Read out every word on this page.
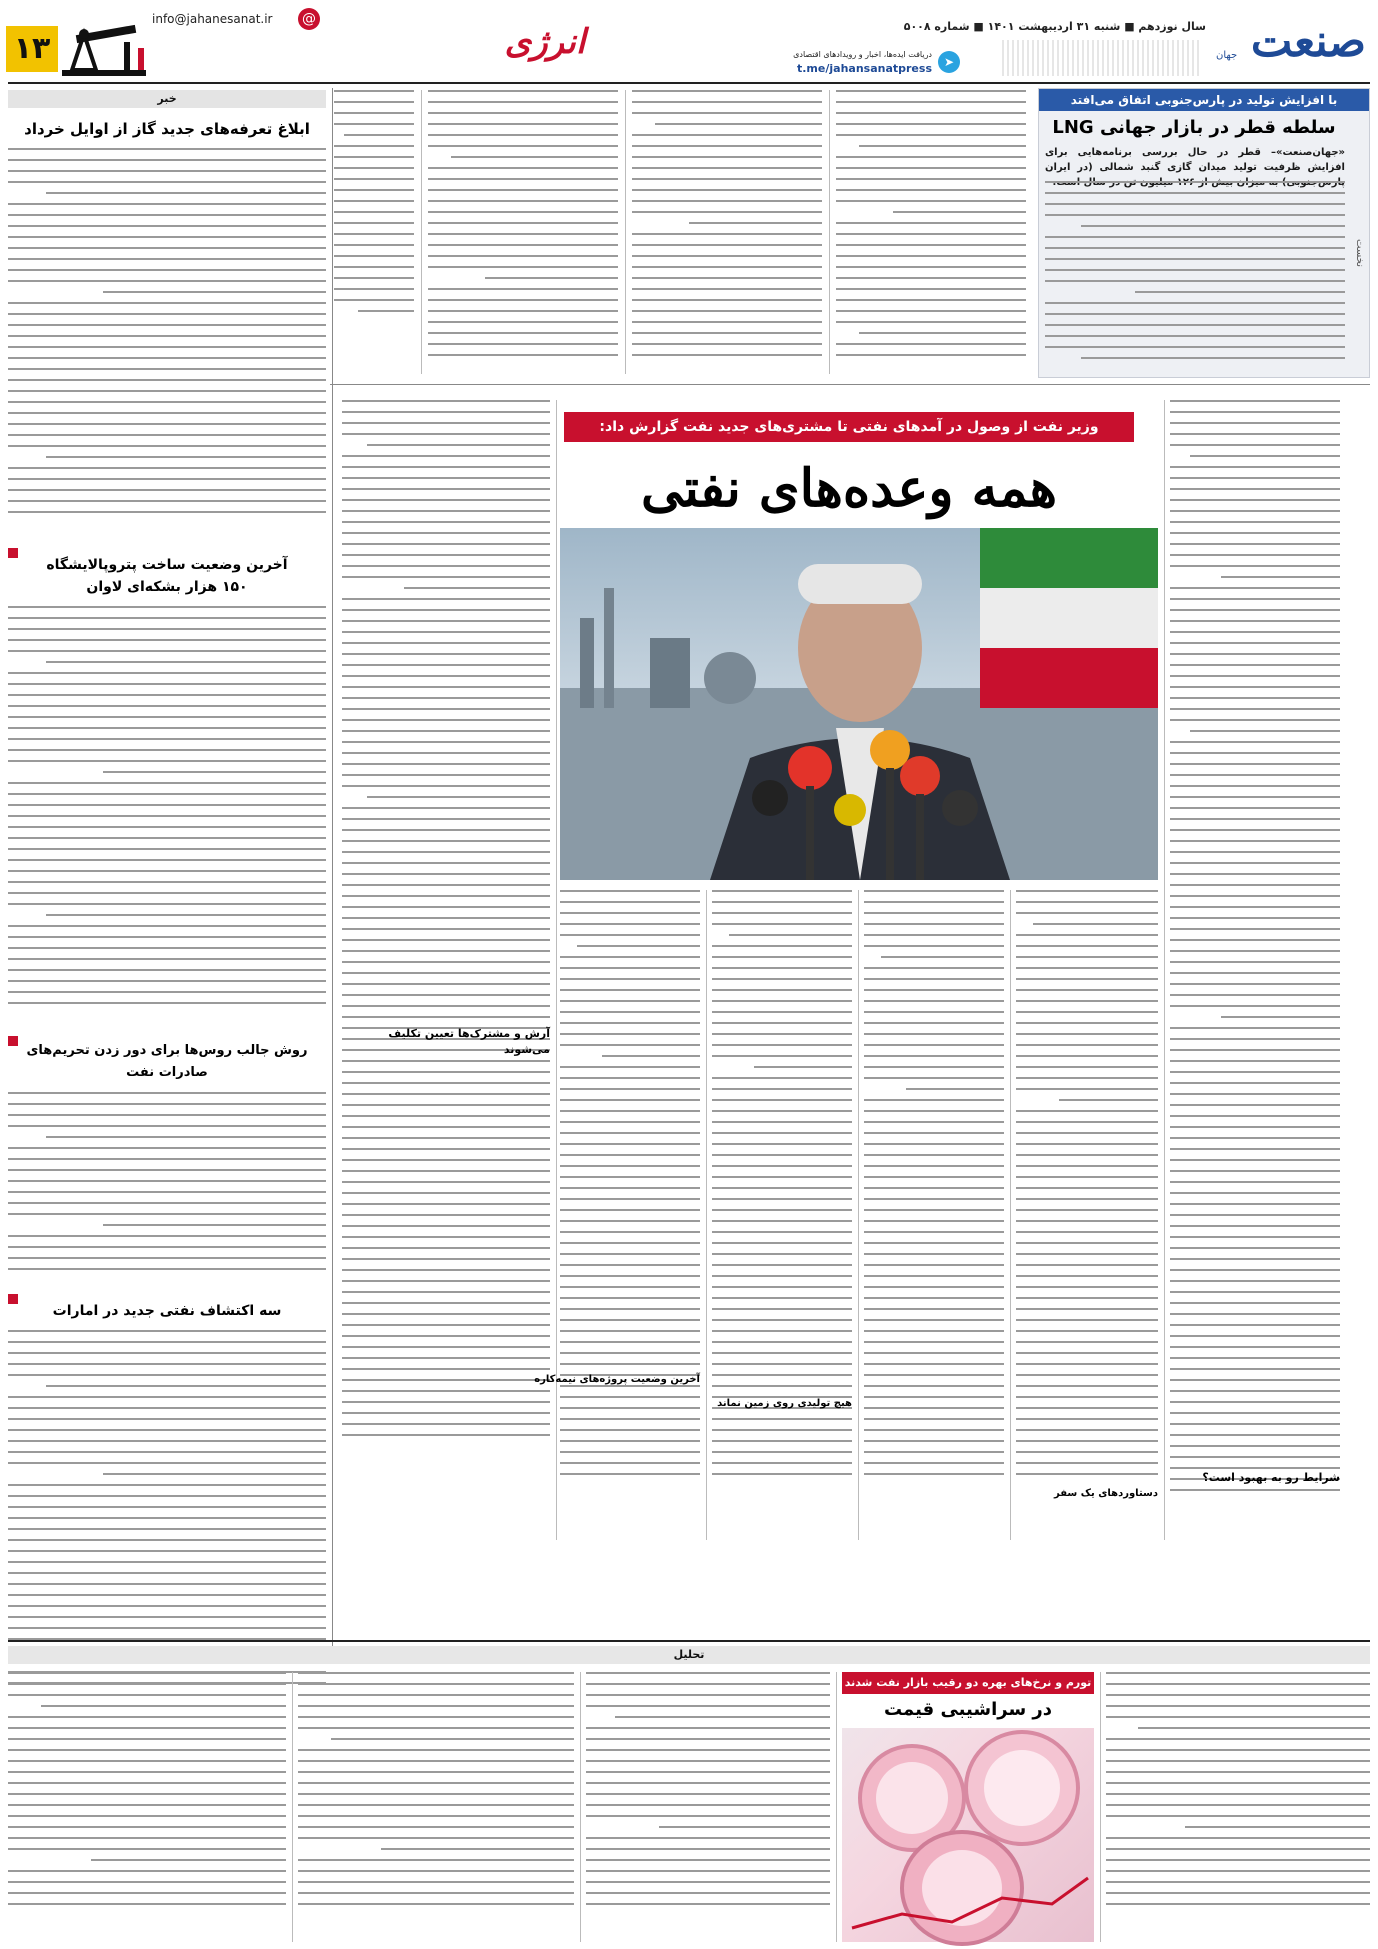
صنعت
جهان
سال نوزدهم ■ شنبه ۳۱ اردیبهشت ۱۴۰۱ ■ شماره ۵۰۰۸
➤
دریافت ایده‌ها، اخبار و رویدادهای اقتصادی
t.me/jahansanatpress
انرژی
info@jahanesanat.ir @
۱۳
با افزایش تولید در پارس‌جنوبی اتفاق می‌افتد
سلطه قطر در بازار جهانی LNG
نخست
«جهان‌صنعت»– قطر در حال بررسی برنامه‌هایی برای افزایش ظرفیت تولید میدان گازی گنبد شمالی (در ایران
خبر
ابلاغ تعرفه‌های جدید گاز از اوایل خرداد
آخرین وضعیت ساخت پتروپالایشگاه
۱۵۰ هزار بشکه‌ای لاوان
روش جالب روس‌ها برای دور زدن تحریم‌های
صادرات نفت
سه اکتشاف نفتی جدید در امارات
وزیر نفت از وصول در آمدهای نفتی تا مشتری‌های جدید نفت گزارش داد:
همه وعده‌های نفتی
شرایط رو به بهبود است؟
آرش و مشترک‌ها تعیین تکلیف می‌شوند
آخرین وضعیت پروژه‌های نیمه‌کاره
هیچ تولیدی روی زمین نماند
دستاوردهای یک سفر
تحلیل
تورم و نرخ‌های بهره دو رقیب بازار نفت شدند
در سراشیبی قیمت
